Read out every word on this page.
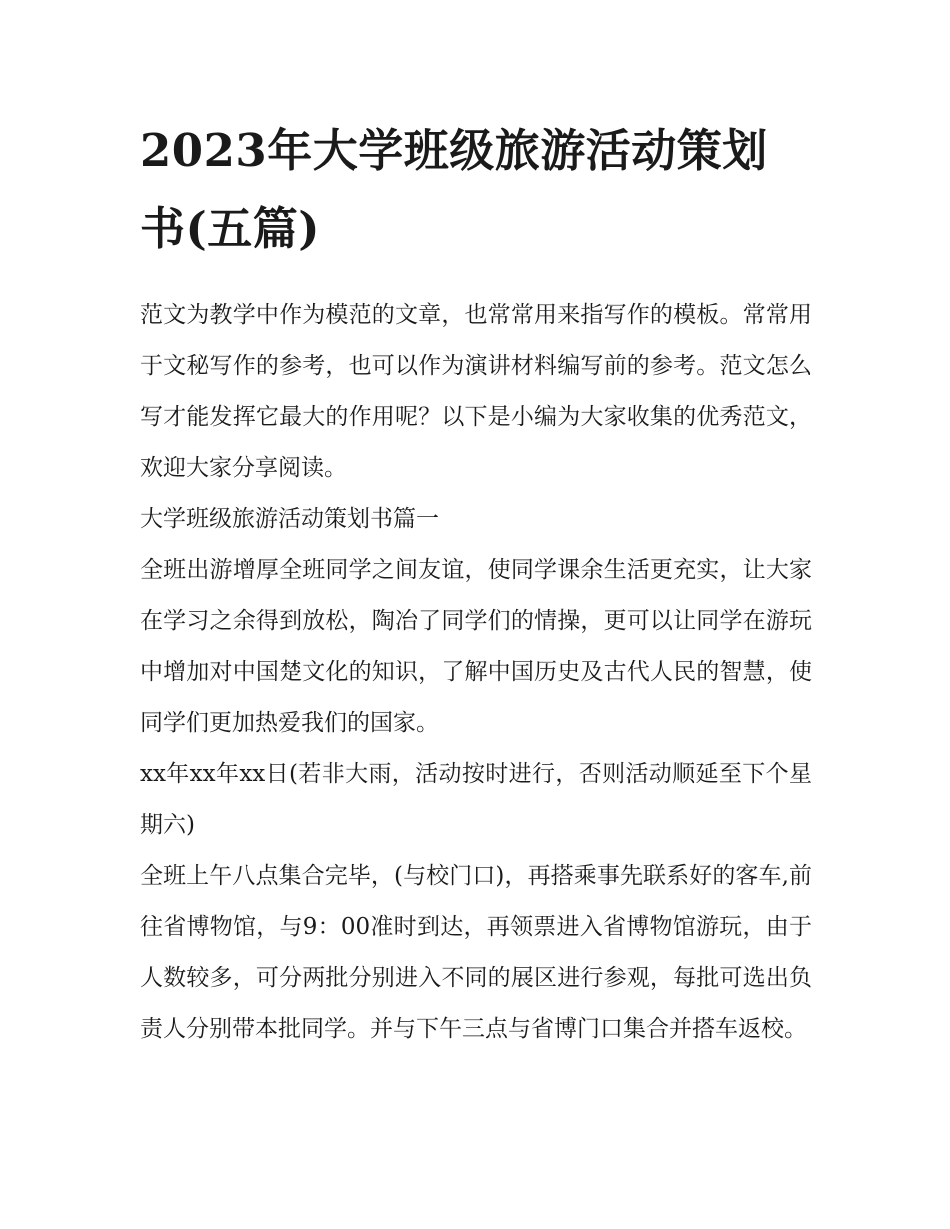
2023年大学班级旅游活动策划书(五篇)

范文为教学中作为模范的文章，也常常用来指写作的模板。常常用于文秘写作的参考，也可以作为演讲材料编写前的参考。范文怎么写才能发挥它最大的作用呢？以下是小编为大家收集的优秀范文，欢迎大家分享阅读。

大学班级旅游活动策划书篇一

全班出游增厚全班同学之间友谊，使同学课余生活更充实，让大家在学习之余得到放松，陶冶了同学们的情操，更可以让同学在游玩中增加对中国楚文化的知识，了解中国历史及古代人民的智慧，使同学们更加热爱我们的国家。

xx年xx年xx日(若非大雨，活动按时进行，否则活动顺延至下个星期六)

全班上午八点集合完毕，(与校门口)，再搭乘事先联系好的客车,前往省博物馆，与9：00准时到达，再领票进入省博物馆游玩，由于人数较多，可分两批分别进入不同的展区进行参观，每批可选出负责人分别带本批同学。并与下午三点与省博门口集合并搭车返校。
